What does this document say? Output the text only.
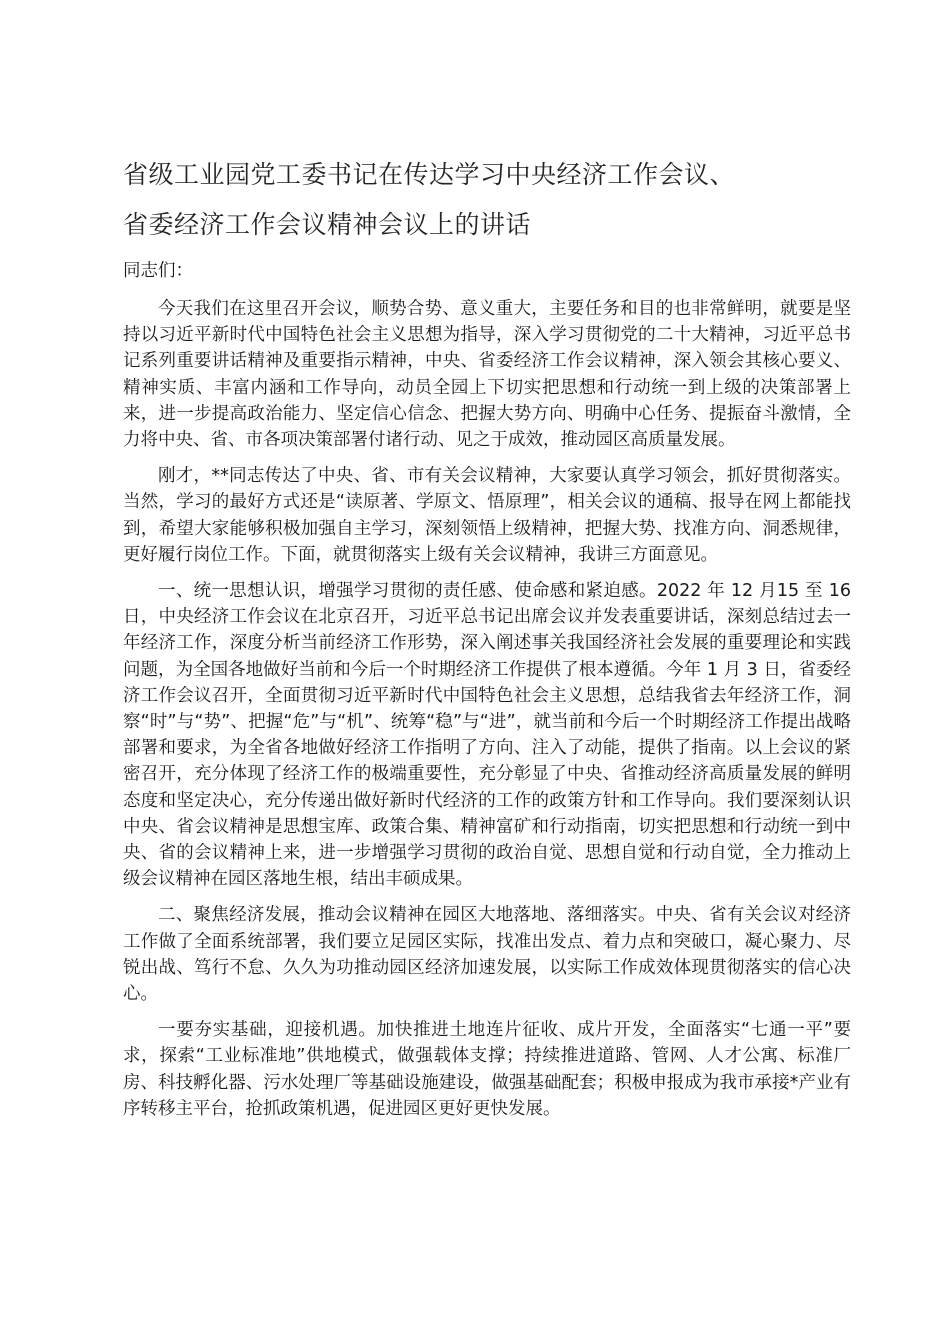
省级工业园党工委书记在传达学习中央经济工作会议、
省委经济工作会议精神会议上的讲话
同志们：

今天我们在这里召开会议，顺势合势、意义重大，主要任务和目的也非常鲜明，就要是坚持以习近平新时代中国特色社会主义思想为指导，深入学习贯彻党的二十大精神，习近平总书记系列重要讲话精神及重要指示精神，中央、省委经济工作会议精神，深入领会其核心要义、精神实质、丰富内涵和工作导向，动员全园上下切实把思想和行动统一到上级的决策部署上来，进一步提高政治能力、坚定信心信念、把握大势方向、明确中心任务、提振奋斗激情，全力将中央、省、市各项决策部署付诸行动、见之于成效，推动园区高质量发展。

刚才，**同志传达了中央、省、市有关会议精神，大家要认真学习领会，抓好贯彻落实。当然，学习的最好方式还是“读原著、学原文、悟原理”，相关会议的通稿、报导在网上都能找到，希望大家能够积极加强自主学习，深刻领悟上级精神，把握大势、找准方向、洞悉规律，更好履行岗位工作。下面，就贯彻落实上级有关会议精神，我讲三方面意见。

一、统一思想认识，增强学习贯彻的责任感、使命感和紧迫感。2022 年 12 月15 至 16 日，中央经济工作会议在北京召开，习近平总书记出席会议并发表重要讲话，深刻总结过去一年经济工作，深度分析当前经济工作形势，深入阐述事关我国经济社会发展的重要理论和实践问题，为全国各地做好当前和今后一个时期经济工作提供了根本遵循。今年 1 月 3 日，省委经济工作会议召开，全面贯彻习近平新时代中国特色社会主义思想，总结我省去年经济工作，洞察“时”与“势”、把握“危”与“机”、统筹“稳”与“进”，就当前和今后一个时期经济工作提出战略部署和要求，为全省各地做好经济工作指明了方向、注入了动能，提供了指南。以上会议的紧密召开，充分体现了经济工作的极端重要性，充分彰显了中央、省推动经济高质量发展的鲜明态度和坚定决心，充分传递出做好新时代经济的工作的政策方针和工作导向。我们要深刻认识中央、省会议精神是思想宝库、政策合集、精神富矿和行动指南，切实把思想和行动统一到中央、省的会议精神上来，进一步增强学习贯彻的政治自觉、思想自觉和行动自觉，全力推动上级会议精神在园区落地生根，结出丰硕成果。

二、聚焦经济发展，推动会议精神在园区大地落地、落细落实。中央、省有关会议对经济工作做了全面系统部署，我们要立足园区实际，找准出发点、着力点和突破口，凝心聚力、尽锐出战、笃行不怠、久久为功推动园区经济加速发展，以实际工作成效体现贯彻落实的信心决心。

一要夯实基础，迎接机遇。加快推进土地连片征收、成片开发，全面落实“七通一平”要求，探索“工业标准地”供地模式，做强载体支撑；持续推进道路、管网、人才公寓、标准厂房、科技孵化器、污水处理厂等基础设施建设，做强基础配套；积极申报成为我市承接*产业有序转移主平台，抢抓政策机遇，促进园区更好更快发展。
